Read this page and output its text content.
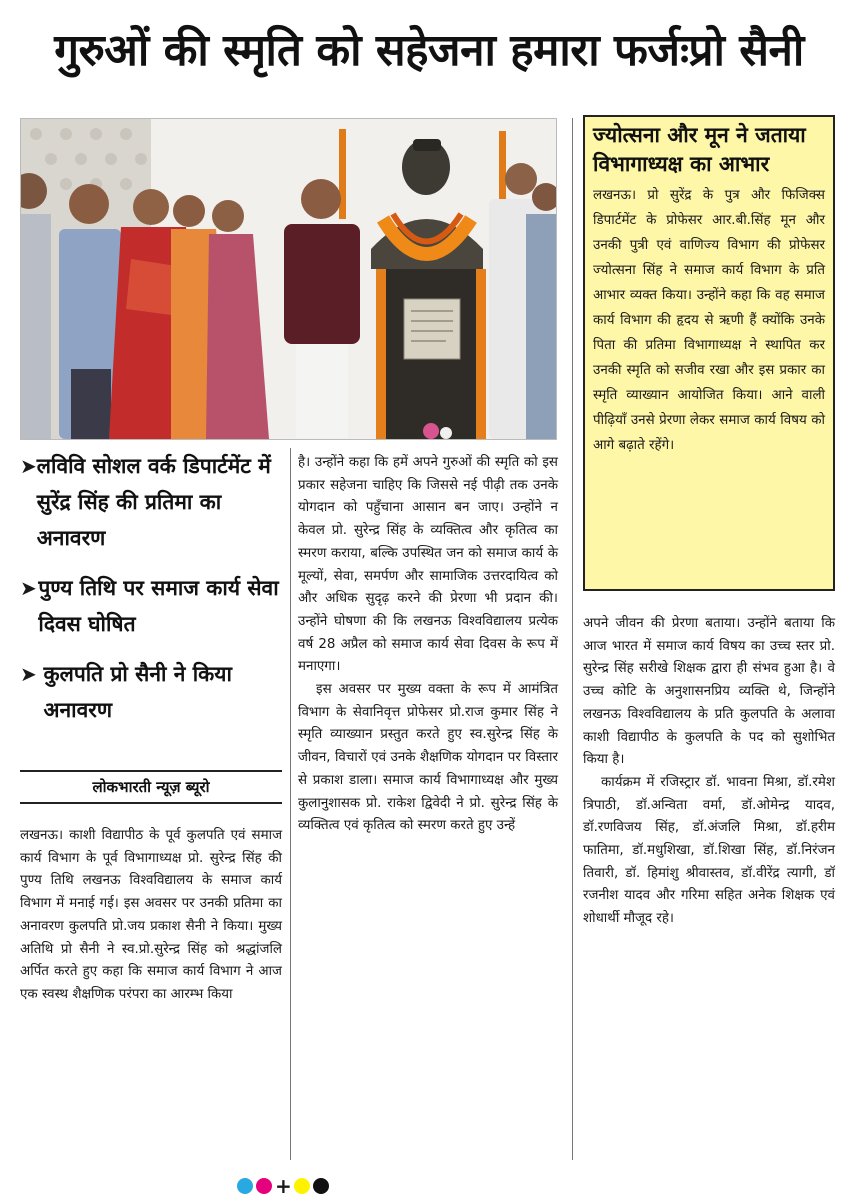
गुरुओं की स्मृति को सहेजना हमारा फर्जःप्रो सैनी

ज्योत्सना और मून ने जताया विभागाध्यक्ष का आभार

लखनऊ। प्रो सुरेंद्र के पुत्र और फिजिक्स डिपार्टमेंट के प्रोफेसर आर.बी.सिंह मून और उनकी पुत्री एवं वाणिज्य विभाग की प्रोफेसर ज्योत्सना सिंह ने समाज कार्य विभाग के प्रति आभार व्यक्त किया। उन्होंने कहा कि वह समाज कार्य विभाग की हृदय से ऋणी हैं क्योंकि उनके पिता की प्रतिमा विभागाध्यक्ष ने स्थापित कर उनकी स्मृति को सजीव रखा और इस प्रकार का स्मृति व्याख्यान आयोजित किया। आने वाली पीढ़ियाँ उनसे प्रेरणा लेकर समाज कार्य विषय को आगे बढ़ाते रहेंगे।

➤ लविवि सोशल वर्क डिपार्टमेंट में सुरेंद्र सिंह की प्रतिमा का अनावरण
➤ पुण्य तिथि पर समाज कार्य सेवा दिवस घोषित
➤ कुलपति प्रो सैनी ने किया अनावरण
लोकभारती न्यूज़ ब्यूरो

लखनऊ। काशी विद्यापीठ के पूर्व कुलपति एवं समाज कार्य विभाग के पूर्व विभागाध्यक्ष प्रो. सुरेन्द्र सिंह की पुण्य तिथि लखनऊ विश्वविद्यालय के समाज कार्य विभाग में मनाई गई। इस अवसर पर उनकी प्रतिमा का अनावरण कुलपति प्रो.जय प्रकाश सैनी ने किया। मुख्य अतिथि प्रो सैनी ने स्व.प्रो.सुरेन्द्र सिंह को श्रद्धांजलि अर्पित करते हुए कहा कि समाज कार्य विभाग ने आज एक स्वस्थ शैक्षणिक परंपरा का आरम्भ किया

है। उन्होंने कहा कि हमें अपने गुरुओं की स्मृति को इस प्रकार सहेजना चाहिए कि जिससे नई पीढ़ी तक उनके योगदान को पहुँचाना आसान बन जाए। उन्होंने न केवल प्रो. सुरेन्द्र सिंह के व्यक्तित्व और कृतित्व का स्मरण कराया, बल्कि उपस्थित जन को समाज कार्य के मूल्यों, सेवा, समर्पण और सामाजिक उत्तरदायित्व को और अधिक सुदृढ़ करने की प्रेरणा भी प्रदान की। उन्होंने घोषणा की कि लखनऊ विश्वविद्यालय प्रत्येक वर्ष 28 अप्रैल को समाज कार्य सेवा दिवस के रूप में मनाएगा।

इस अवसर पर मुख्य वक्ता के रूप में आमंत्रित विभाग के सेवानिवृत्त प्रोफेसर प्रो.राज कुमार सिंह ने स्मृति व्याख्यान प्रस्तुत करते हुए स्व.सुरेन्द्र सिंह के जीवन, विचारों एवं उनके शैक्षणिक योगदान पर विस्तार से प्रकाश डाला। समाज कार्य विभागाध्यक्ष और मुख्य कुलानुशासक प्रो. राकेश द्विवेदी ने प्रो. सुरेन्द्र सिंह के व्यक्तित्व एवं कृतित्व को स्मरण करते हुए उन्हें

अपने जीवन की प्रेरणा बताया। उन्होंने बताया कि आज भारत में समाज कार्य विषय का उच्च स्तर प्रो. सुरेन्द्र सिंह सरीखे शिक्षक द्वारा ही संभव हुआ है। वे उच्च कोटि के अनुशासनप्रिय व्यक्ति थे, जिन्होंने लखनऊ विश्वविद्यालय के प्रति कुलपति के अलावा काशी विद्यापीठ के कुलपति के पद को सुशोभित किया है।

कार्यक्रम में रजिस्ट्रार डॉ. भावना मिश्रा, डॉ.रमेश त्रिपाठी, डॉ.अन्विता वर्मा, डॉ.ओमेन्द्र यादव, डॉ.रणविजय सिंह, डॉ.अंजलि मिश्रा, डॉ.हरीम फातिमा, डॉ.मधुशिखा, डॉ.शिखा सिंह, डॉ.निरंजन तिवारी, डॉ. हिमांशु श्रीवास्तव, डॉ.वीरेंद्र त्यागी, डॉ रजनीश यादव और गरिमा सहित अनेक शिक्षक एवं शोधार्थी मौजूद रहे।

+
